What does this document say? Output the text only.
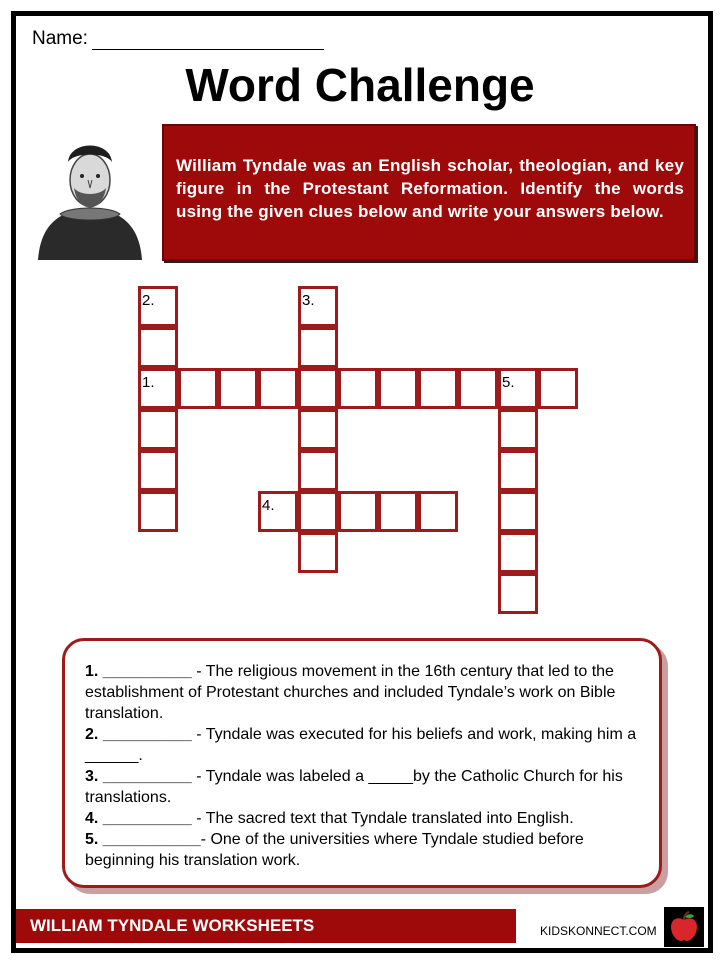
Name:
Word Challenge
William Tyndale was an English scholar, theologian, and key figure in the Protestant Reformation. Identify the words using the given clues below and write your answers below.
2.
1.	5.
3.
4.
1. __________ - The religious movement in the 16th century that led to the establishment of Protestant churches and included Tyndale’s work on Bible translation.
2. __________ - Tyndale was executed for his beliefs and work, making him a ______.
3. __________ - Tyndale was labeled a _____by the Catholic Church for his translations.
4. __________ - The sacred text that Tyndale translated into English.
5. ___________- One of the universities where Tyndale studied before beginning his translation work.
WILLIAM TYNDALE WORKSHEETS	KIDSKONNECT.COM
